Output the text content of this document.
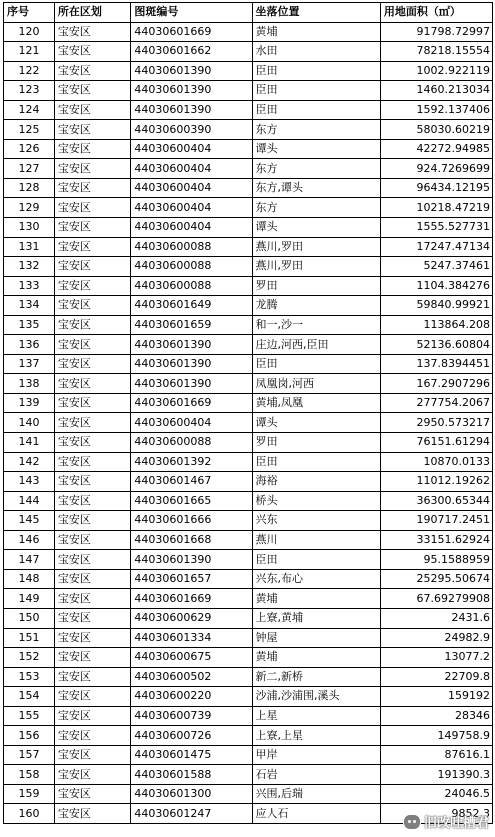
序号	所在区划	图斑编号	坐落位置	用地面积（㎡）
120	宝安区	44030601669	黄埔	91798.72997
121	宝安区	44030601662	水田	78218.15554
122	宝安区	44030601390	臣田	1002.922119
123	宝安区	44030601390	臣田	1460.213034
124	宝安区	44030601390	臣田	1592.137406
125	宝安区	44030600390	东方	58030.60219
126	宝安区	44030600404	谭头	42272.94985
127	宝安区	44030600404	东方	924.7269699
128	宝安区	44030600404	东方,谭头	96434.12195
129	宝安区	44030600404	东方	10218.47219
130	宝安区	44030600404	谭头	1555.527731
131	宝安区	44030600088	燕川,罗田	17247.47134
132	宝安区	44030600088	燕川,罗田	5247.37461
133	宝安区	44030600088	罗田	1104.384276
134	宝安区	44030601649	龙腾	59840.99921
135	宝安区	44030601659	和一,沙一	113864.208
136	宝安区	44030601390	庄边,河西,臣田	52136.60804
137	宝安区	44030601390	臣田	137.8394451
138	宝安区	44030601390	凤凰岗,河西	167.2907296
139	宝安区	44030601669	黄埔,凤凰	277754.2067
140	宝安区	44030600404	谭头	2950.573217
141	宝安区	44030600088	罗田	76151.61294
142	宝安区	44030601392	臣田	10870.0133
143	宝安区	44030601467	海裕	11012.19262
144	宝安区	44030601665	桥头	36300.65344
145	宝安区	44030601666	兴东	190717.2451
146	宝安区	44030601668	燕川	33151.62924
147	宝安区	44030601390	臣田	95.1588959
148	宝安区	44030601657	兴东,布心	25295.50674
149	宝安区	44030601669	黄埔	67.69279908
150	宝安区	44030600629	上寮,黄埔	2431.6
151	宝安区	44030601334	钟屋	24982.9
152	宝安区	44030600675	黄埔	13077.2
153	宝安区	44030600502	新二,新桥	22709.8
154	宝安区	44030600220	沙浦,沙浦围,溪头	159192
155	宝安区	44030600739	上星	28346
156	宝安区	44030600726	上寮,上星	149758.9
157	宝安区	44030601475	甲岸	87616.1
158	宝安区	44030601588	石岩	191390.3
159	宝安区	44030601300	兴围,后瑞	24046.5
160	宝安区	44030601247	应人石	9852.3
旧改吐槽君
